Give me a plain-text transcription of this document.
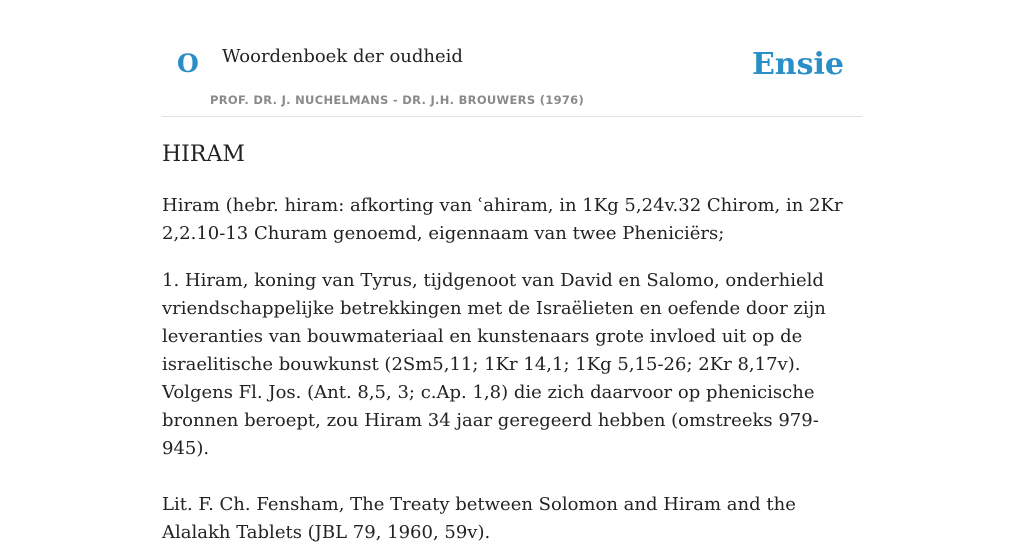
O Woordenboek der oudheid
PROF. DR. J. NUCHELMANS - DR. J.H. BROUWERS (1976)
Ensie
HIRAM

Hiram (hebr. hiram: afkorting van ʿahiram, in 1Kg 5,24v.32 Chirom, in 2Kr 2,2.10-13 Churam genoemd, eigennaam van twee Pheniciërs;

1. Hiram, koning van Tyrus, tijdgenoot van David en Salomo, onderhield vriendschappelijke betrekkingen met de Israëlieten en oefende door zijn leveranties van bouwmateriaal en kunstenaars grote invloed uit op de israelitische bouwkunst (2Sm5,11; 1Kr 14,1; 1Kg 5,15-26; 2Kr 8,17v). Volgens Fl. Jos. (Ant. 8,5, 3; c.Ap. 1,8) die zich daarvoor op phenicische bronnen beroept, zou Hiram 34 jaar geregeerd hebben (omstreeks 979-945).

Lit. F. Ch. Fensham, The Treaty between Solomon and Hiram and the Alalakh Tablets (JBL 79, 1960, 59v).
